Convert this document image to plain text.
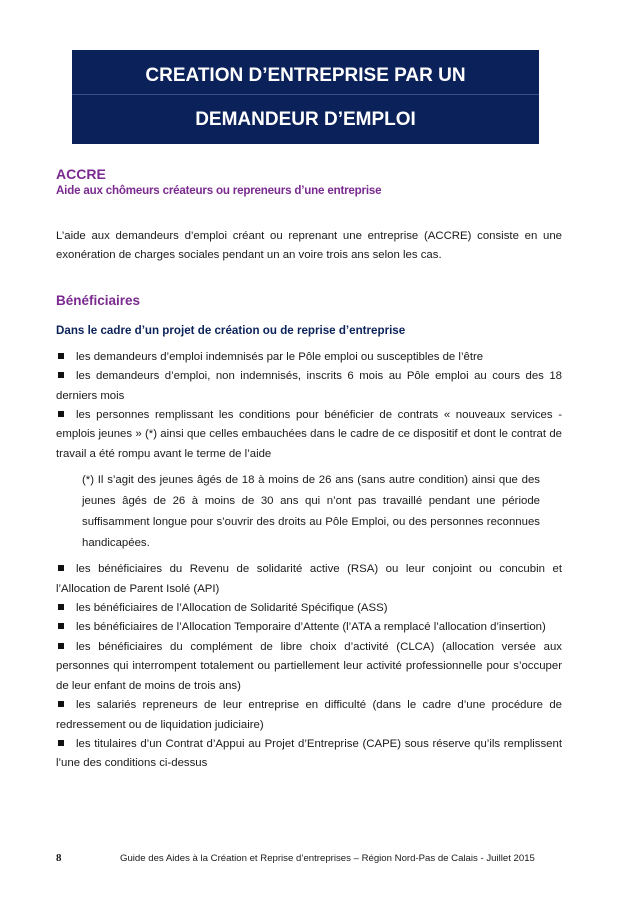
CREATION D’ENTREPRISE PAR UN
DEMANDEUR D’EMPLOI

ACCRE

Aide aux chômeurs créateurs ou repreneurs d’une entreprise

L’aide aux demandeurs d’emploi créant ou reprenant une entreprise (ACCRE) consiste en une exonération de charges sociales pendant un an voire trois ans selon les cas.

Bénéficiaires

Dans le cadre d’un projet de création ou de reprise d’entreprise

les demandeurs d’emploi indemnisés par le Pôle emploi ou susceptibles de l’être
les demandeurs d’emploi, non indemnisés, inscrits 6 mois au Pôle emploi au cours des 18 derniers mois
les personnes remplissant les conditions pour bénéficier de contrats « nouveaux services - emplois jeunes » (*) ainsi que celles embauchées dans le cadre de ce dispositif et dont le contrat de travail a été rompu avant le terme de l’aide

(*) Il s’agit des jeunes âgés de 18 à moins de 26 ans (sans autre condition) ainsi que des jeunes âgés de 26 à moins de 30 ans qui n’ont pas travaillé pendant une période suffisamment longue pour s’ouvrir des droits au Pôle Emploi, ou des personnes reconnues handicapées.

les bénéficiaires du Revenu de solidarité active (RSA) ou leur conjoint ou concubin et l’Allocation de Parent Isolé (API)
les bénéficiaires de l’Allocation de Solidarité Spécifique (ASS)
les bénéficiaires de l’Allocation Temporaire d’Attente (l’ATA a remplacé l’allocation d’insertion)
les bénéficiaires du complément de libre choix d’activité (CLCA) (allocation versée aux personnes qui interrompent totalement ou partiellement leur activité professionnelle pour s’occuper de leur enfant de moins de trois ans)
les salariés repreneurs de leur entreprise en difficulté (dans le cadre d’une procédure de redressement ou de liquidation judiciaire)
les titulaires d’un Contrat d’Appui au Projet d’Entreprise (CAPE) sous réserve qu’ils remplissent l’une des conditions ci-dessus
8	Guide des Aides à la Création et Reprise d’entreprises – Région Nord-Pas de Calais - Juillet 2015
